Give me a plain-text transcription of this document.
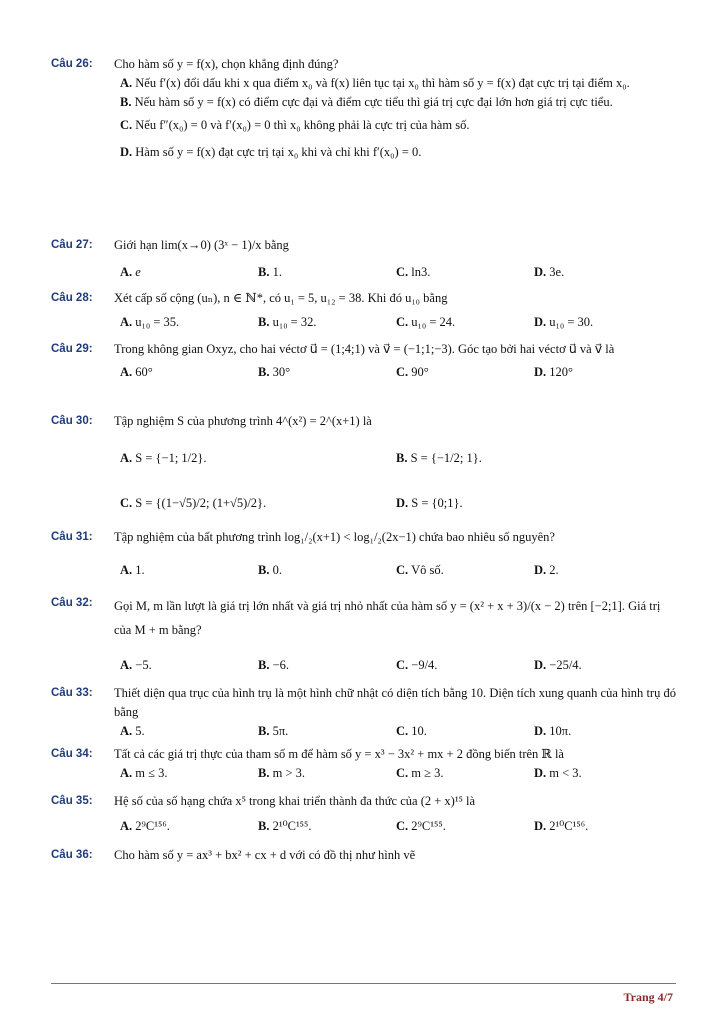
Câu 26: Cho hàm số y = f(x), chọn khẳng định đúng?
A. Nếu f′(x) đổi dấu khi x qua điểm x₀ và f(x) liên tục tại x₀ thì hàm số y = f(x) đạt cực trị tại điểm x₀.
B. Nếu hàm số y = f(x) có điểm cực đại và điểm cực tiểu thì giá trị cực đại lớn hơn giá trị cực tiểu.
C. Nếu f″(x₀) = 0 và f′(x₀) = 0 thì x₀ không phải là cực trị của hàm số.
D. Hàm số y = f(x) đạt cực trị tại x₀ khi và chỉ khi f′(x₀) = 0.
Câu 27: Giới hạn lim(x→0) (3ˣ − 1)/x bằng
A. e	B. 1.	C. ln3.	D. 3e.
Câu 28: Xét cấp số cộng (uₙ), n ∈ ℕ*, có u₁ = 5, u₁₂ = 38. Khi đó u₁₀ bằng
A. u₁₀ = 35.	B. u₁₀ = 32.	C. u₁₀ = 24.	D. u₁₀ = 30.
Câu 29: Trong không gian Oxyz, cho hai véctơ u⃗ = (1;4;1) và v⃗ = (−1;1;−3). Góc tạo bởi hai véctơ u⃗ và v⃗ là
A. 60°	B. 30°	C. 90°	D. 120°
Câu 30: Tập nghiệm S của phương trình 4^(x²) = 2^(x+1) là
A. S = {−1; 1/2}.	B. S = {−1/2; 1}.
C. S = {(1−√5)/2; (1+√5)/2}.	D. S = {0;1}.
Câu 31: Tập nghiệm của bất phương trình log₁/₂(x+1) < log₁/₂(2x−1) chứa bao nhiêu số nguyên?
A. 1.	B. 0.	C. Vô số.	D. 2.
Câu 32: Gọi M, m lần lượt là giá trị lớn nhất và giá trị nhỏ nhất của hàm số y = (x² + x + 3)/(x − 2) trên [−2;1]. Giá trị của M + m bằng?
A. −5.	B. −6.	C. −9/4.	D. −25/4.
Câu 33: Thiết diện qua trục của hình trụ là một hình chữ nhật có diện tích bằng 10. Diện tích xung quanh của hình trụ đó bằng
A. 5.	B. 5π.	C. 10.	D. 10π.
Câu 34: Tất cả các giá trị thực của tham số m để hàm số y = x³ − 3x² + mx + 2 đồng biến trên ℝ là
A. m ≤ 3.	B. m > 3.	C. m ≥ 3.	D. m < 3.
Câu 35: Hệ số của số hạng chứa x⁵ trong khai triển thành đa thức của (2 + x)¹⁵ là
A. 2⁹C¹⁵⁶.	B. 2¹⁰C¹⁵⁵.	C. 2⁹C¹⁵⁵.	D. 2¹⁰C¹⁵⁶.
Câu 36: Cho hàm số y = ax³ + bx² + cx + d với có đồ thị như hình vẽ
Trang 4/7
